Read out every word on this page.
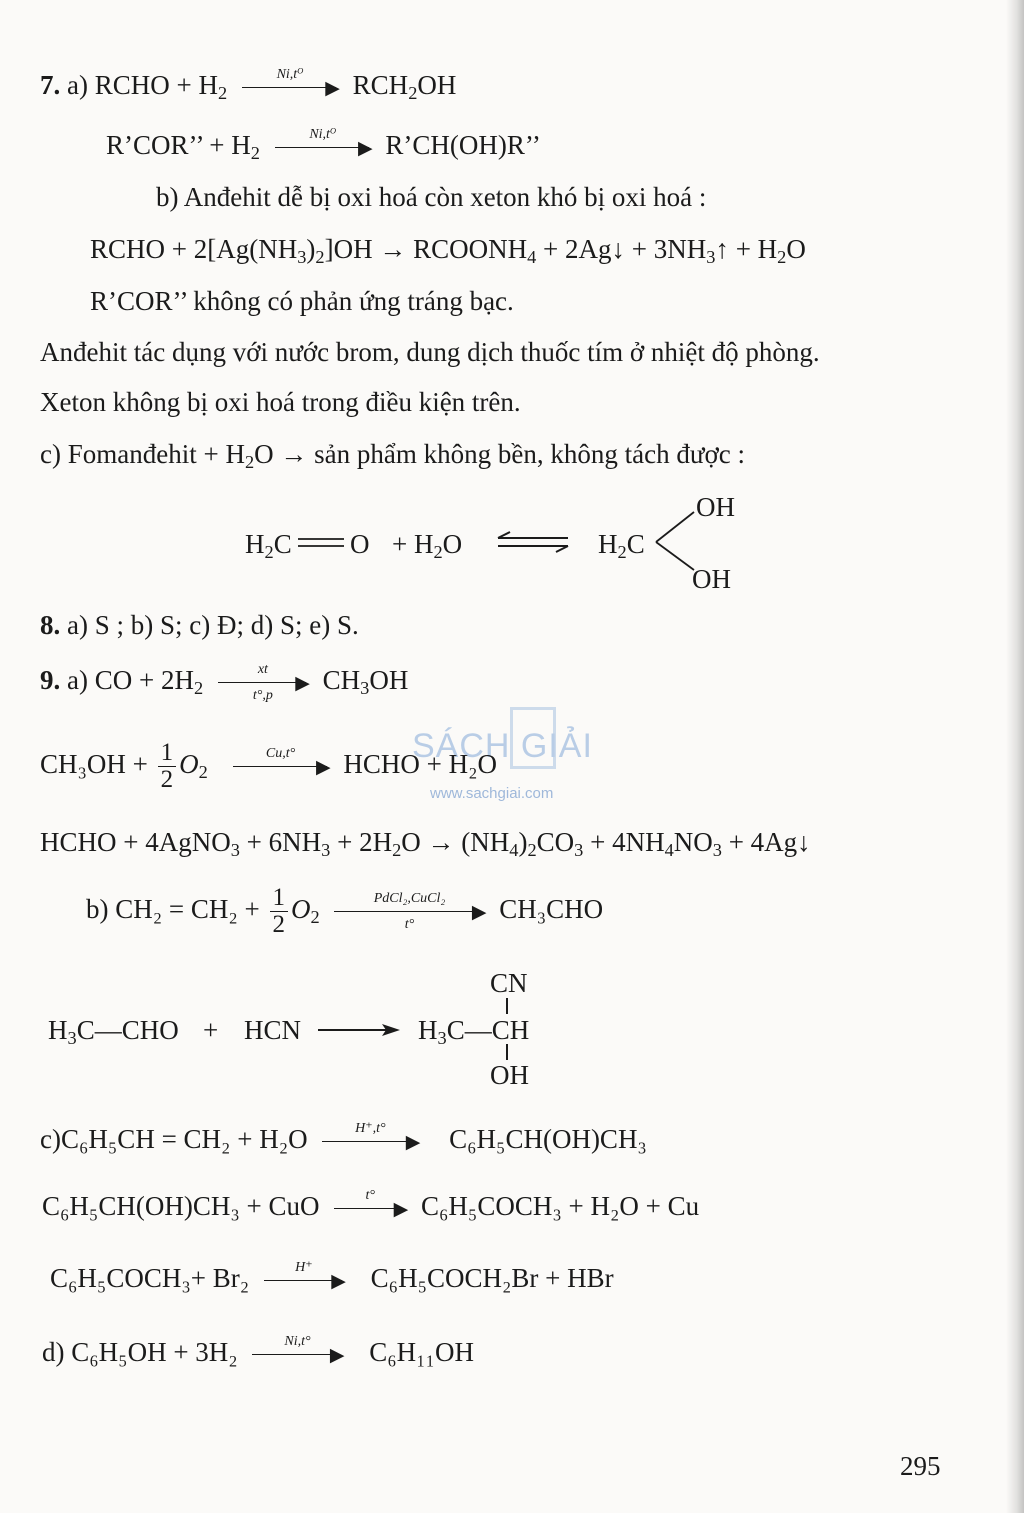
SÁCH GIẢI
www.sachgiai.com
7. a) RCHO + $H_2$
$Ni,t^O$
▶ $RCH_2OH$
R’COR’’ + $H_2$
$Ni,t^O$
▶ R’CH(OH)R’’
b) Anđehit dễ bị oxi hoá còn xeton khó bị oxi hoá :
RCHO + $2[Ag(NH_3)_2]OH$ → $RCOONH_4$ + 2Ag↓ + $3NH_3↑ + H_2O$
R’COR’’ không có phản ứng tráng bạc.
Anđehit tác dụng với nước brom, dung dịch thuốc tím ở nhiệt độ phòng.
Xeton không bị oxi hoá trong điều kiện trên.
c) Fomanđehit + $H_2O$ → sản phẩm không bền, không tách được :
$H_2C$ $O + H_2O$ ⇌ $H_2C$
OH
OH
8. a) S ; b) S; c) Đ; d) S; e) S.
9. a) CO + $2H_2$
xt
▶
t°,p
$CH_3OH$
$CH_3OH + \frac{1}{2} O_2$
Cu,t°
▶ HCHO + H₂O
HCHO + 4AgNO$_3$ + $6NH_3 + 2H_2O \to (NH_4)_2CO_3 + 4NH_4NO_3$ + 4Ag↓
b) $CH_2 = CH_2 + \frac{1}{2} O_2$
PdCl₂,CuCl₂
▶
t°
CH₃CHO
$H_3C—CHO$ + HCN → $H_3C—CH$
CN
OH
c)C₆H₅CH = CH₂ + H₂O	H⁺,t°
▶ C₆H₅CH(OH)CH₃
C₆H₅CH(OH)CH₃ + CuO	t°
▶ C₆H₅COCH₃ + H₂O + Cu
C₆H₅COCH₃+ Br₂	H⁺
▶ C₆H₅COCH₂Br + HBr
d) C₆H₅OH + 3H₂	Ni,t°
▶ C₆H₁₁OH
295
